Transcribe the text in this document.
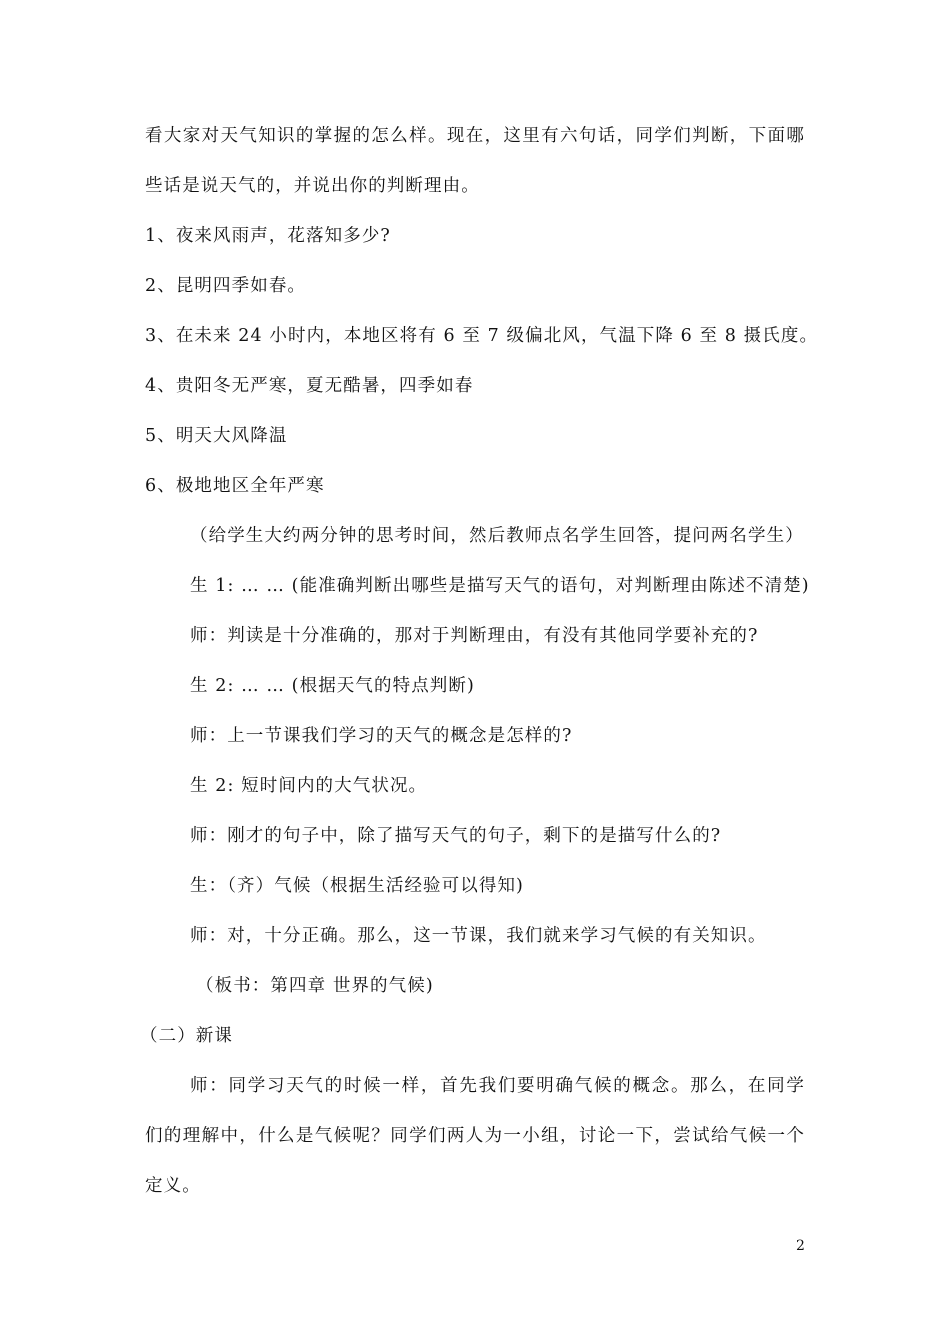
看大家对天气知识的掌握的怎么样。现在，这里有六句话，同学们判断，下面哪
些话是说天气的，并说出你的判断理由。
1、夜来风雨声，花落知多少?
2、昆明四季如春。
3、在未来 24 小时内，本地区将有 6 至 7 级偏北风，气温下降 6 至 8 摄氏度。
4、贵阳冬无严寒，夏无酷暑，四季如春
5、明天大风降温
6、极地地区全年严寒
（给学生大约两分钟的思考时间，然后教师点名学生回答，提问两名学生）
生 1: … … (能准确判断出哪些是描写天气的语句，对判断理由陈述不清楚)
师：判读是十分准确的，那对于判断理由，有没有其他同学要补充的?
生 2: … … (根据天气的特点判断)
师：上一节课我们学习的天气的概念是怎样的?
生 2: 短时间内的大气状况。
师：刚才的句子中，除了描写天气的句子，剩下的是描写什么的?
生：（齐）气候（根据生活经验可以得知)
师：对，十分正确。那么，这一节课，我们就来学习气候的有关知识。
（板书：第四章 世界的气候)
（二）新课
师：同学习天气的时候一样，首先我们要明确气候的概念。那么，在同学
们的理解中，什么是气候呢？同学们两人为一小组，讨论一下，尝试给气候一个
定义。
2
